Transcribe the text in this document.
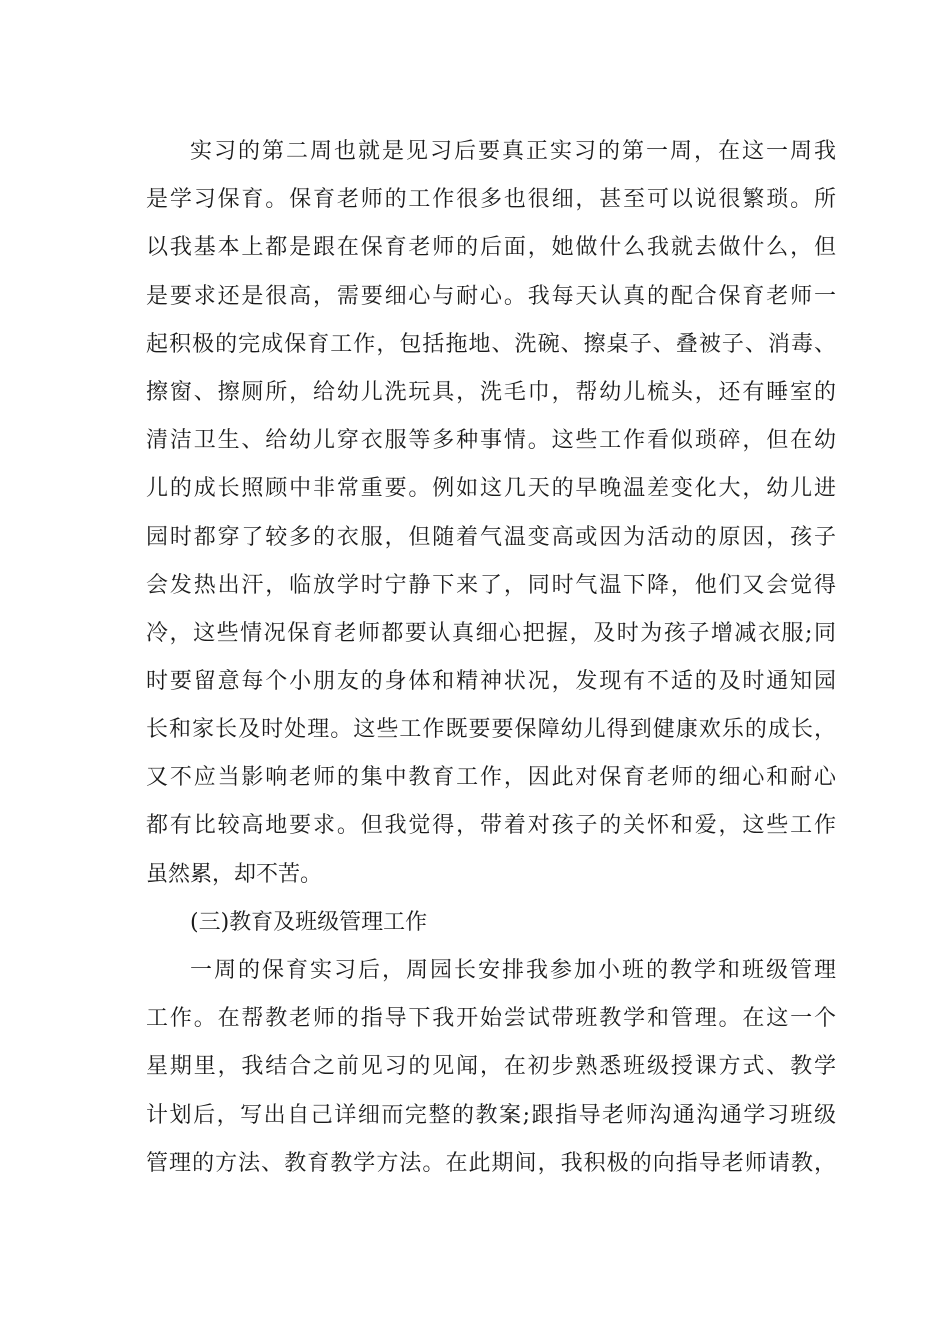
实习的第二周也就是见习后要真正实习的第一周，在这一周我
是学习保育。保育老师的工作很多也很细，甚至可以说很繁琐。所
以我基本上都是跟在保育老师的后面，她做什么我就去做什么，但
是要求还是很高，需要细心与耐心。我每天认真的配合保育老师一
起积极的完成保育工作，包括拖地、洗碗、擦桌子、叠被子、消毒、
擦窗、擦厕所，给幼儿洗玩具，洗毛巾，帮幼儿梳头，还有睡室的
清洁卫生、给幼儿穿衣服等多种事情。这些工作看似琐碎，但在幼
儿的成长照顾中非常重要。例如这几天的早晚温差变化大，幼儿进
园时都穿了较多的衣服，但随着气温变高或因为活动的原因，孩子
会发热出汗，临放学时宁静下来了，同时气温下降，他们又会觉得
冷，这些情况保育老师都要认真细心把握，及时为孩子增减衣服;同
时要留意每个小朋友的身体和精神状况，发现有不适的及时通知园
长和家长及时处理。这些工作既要要保障幼儿得到健康欢乐的成长，
又不应当影响老师的集中教育工作，因此对保育老师的细心和耐心
都有比较高地要求。但我觉得，带着对孩子的关怀和爱，这些工作
虽然累，却不苦。
(三)教育及班级管理工作
一周的保育实习后，周园长安排我参加小班的教学和班级管理
工作。在帮教老师的指导下我开始尝试带班教学和管理。在这一个
星期里，我结合之前见习的见闻，在初步熟悉班级授课方式、教学
计划后，写出自己详细而完整的教案;跟指导老师沟通沟通学习班级
管理的方法、教育教学方法。在此期间，我积极的向指导老师请教，
